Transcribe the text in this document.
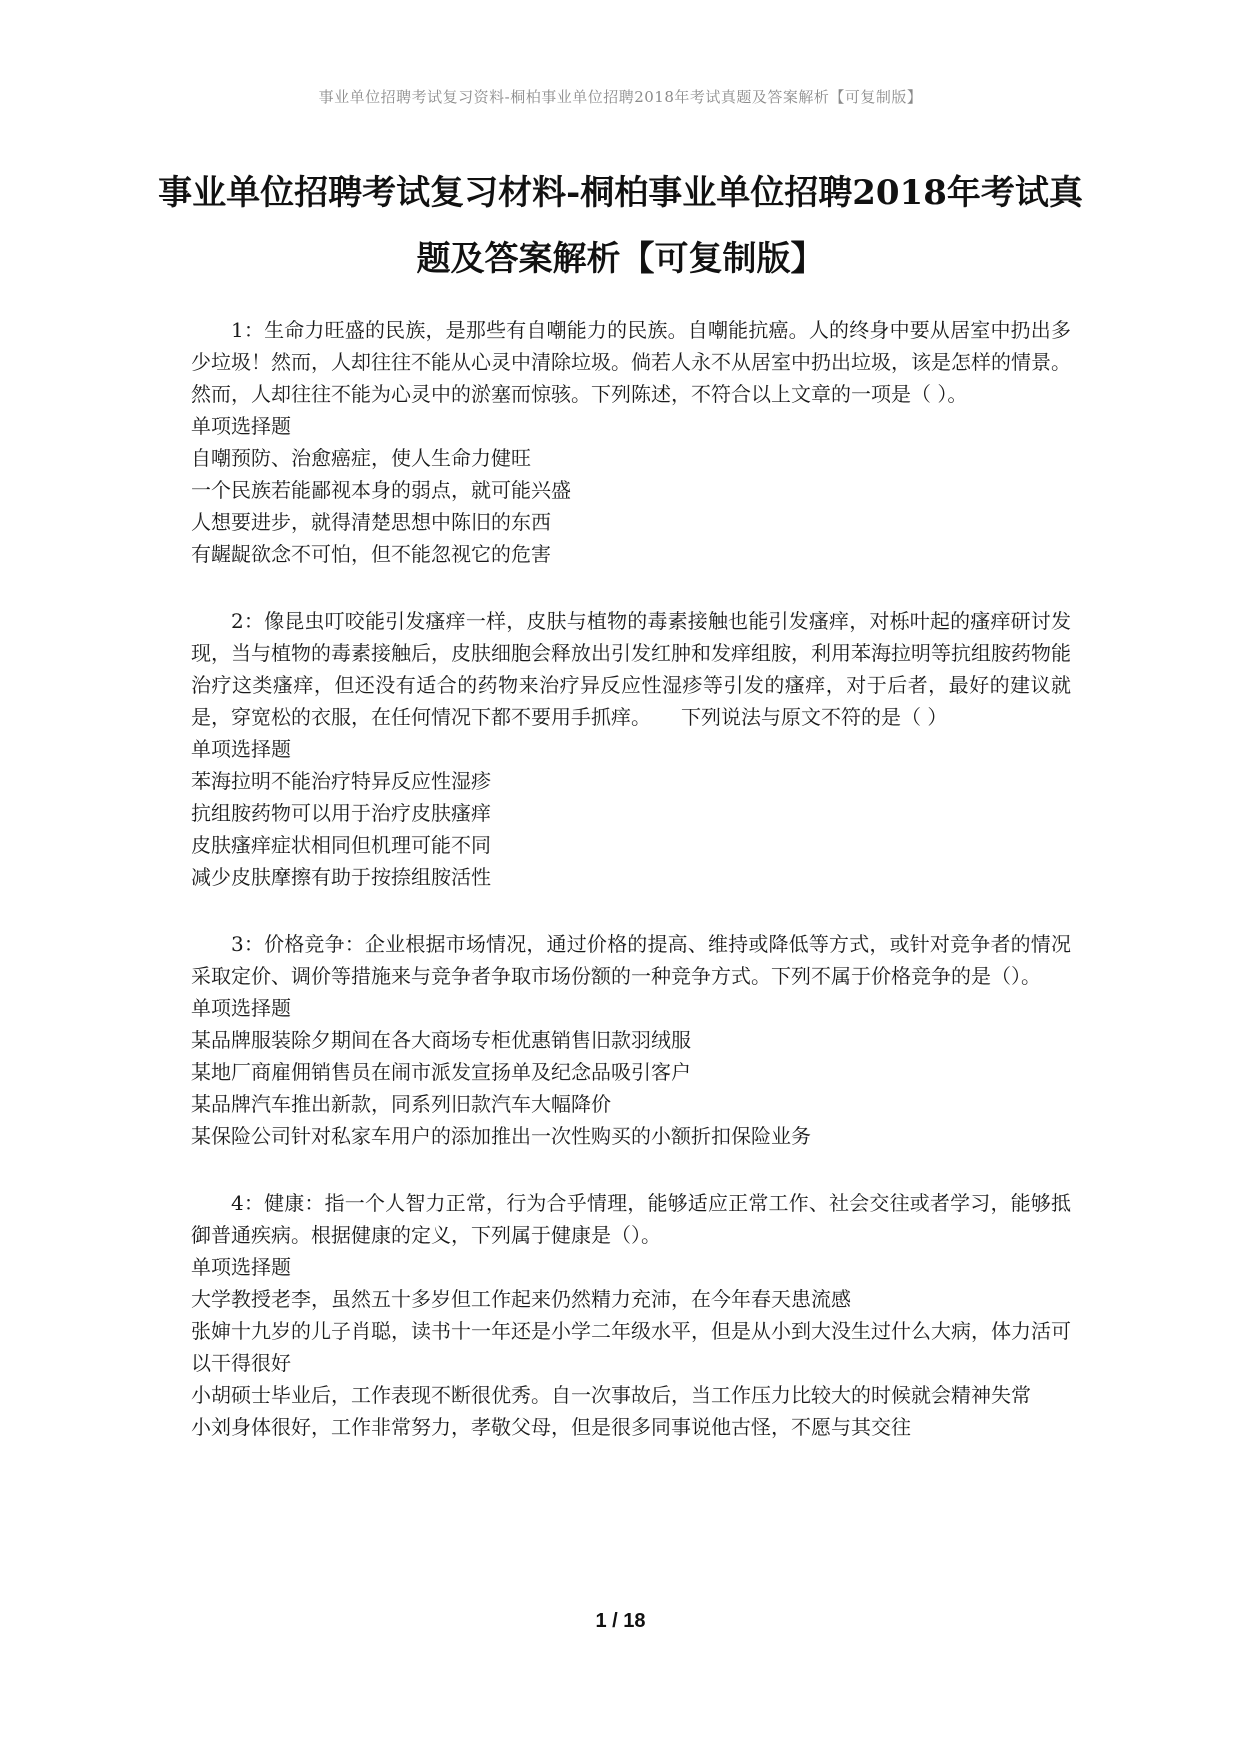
事业单位招聘考试复习资料-桐柏事业单位招聘2018年考试真题及答案解析【可复制版】
事业单位招聘考试复习材料-桐柏事业单位招聘2018年考试真题及答案解析【可复制版】

1：生命力旺盛的民族，是那些有自嘲能力的民族。自嘲能抗癌。人的终身中要从居室中扔出多少垃圾！然而，人却往往不能从心灵中清除垃圾。倘若人永不从居室中扔出垃圾，该是怎样的情景。然而，人却往往不能为心灵中的淤塞而惊骇。下列陈述，不符合以上文章的一项是（ ）。

单项选择题

自嘲预防、治愈癌症，使人生命力健旺

一个民族若能鄙视本身的弱点，就可能兴盛

人想要进步，就得清楚思想中陈旧的东西

有龌龊欲念不可怕，但不能忽视它的危害

2：像昆虫叮咬能引发瘙痒一样，皮肤与植物的毒素接触也能引发瘙痒，对栎叶起的瘙痒研讨发现，当与植物的毒素接触后，皮肤细胞会释放出引发红肿和发痒组胺，利用苯海拉明等抗组胺药物能治疗这类瘙痒，但还没有适合的药物来治疗异反应性湿疹等引发的瘙痒，对于后者，最好的建议就是，穿宽松的衣服，在任何情况下都不要用手抓痒。　　下列说法与原文不符的是（ ）

单项选择题

苯海拉明不能治疗特异反应性湿疹

抗组胺药物可以用于治疗皮肤瘙痒

皮肤瘙痒症状相同但机理可能不同

减少皮肤摩擦有助于按捺组胺活性

3：价格竞争：企业根据市场情况，通过价格的提高、维持或降低等方式，或针对竞争者的情况采取定价、调价等措施来与竞争者争取市场份额的一种竞争方式。下列不属于价格竞争的是（）。

单项选择题

某品牌服装除夕期间在各大商场专柜优惠销售旧款羽绒服

某地厂商雇佣销售员在闹市派发宣扬单及纪念品吸引客户

某品牌汽车推出新款，同系列旧款汽车大幅降价

某保险公司针对私家车用户的添加推出一次性购买的小额折扣保险业务

4：健康：指一个人智力正常，行为合乎情理，能够适应正常工作、社会交往或者学习，能够抵御普通疾病。根据健康的定义，下列属于健康是（）。

单项选择题

大学教授老李，虽然五十多岁但工作起来仍然精力充沛，在今年春天患流感

张婶十九岁的儿子肖聪，读书十一年还是小学二年级水平，但是从小到大没生过什么大病，体力活可以干得很好

小胡硕士毕业后，工作表现不断很优秀。自一次事故后，当工作压力比较大的时候就会精神失常

小刘身体很好，工作非常努力，孝敬父母，但是很多同事说他古怪，不愿与其交往

1 / 18
